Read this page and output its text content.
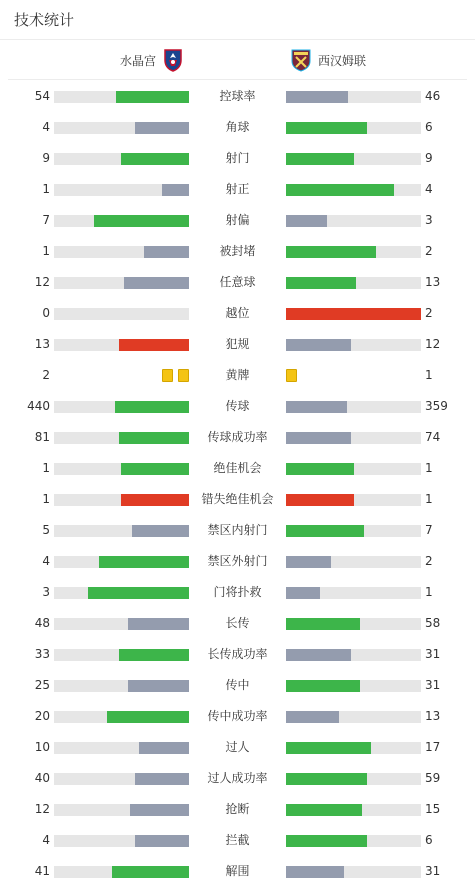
技术统计
水晶宫	西汉姆联
54	控球率	46
4	角球	6
9	射门	9
1	射正	4
7	射偏	3
1	被封堵	2
12	任意球	13
0	越位	2
13	犯规	12
2	黄牌	1
440	传球	359
81	传球成功率	74
1	绝佳机会	1
1	错失绝佳机会	1
5	禁区内射门	7
4	禁区外射门	2
3	门将扑救	1
48	长传	58
33	长传成功率	31
25	传中	31
20	传中成功率	13
10	过人	17
40	过人成功率	59
12	抢断	15
4	拦截	6
41	解围	31
